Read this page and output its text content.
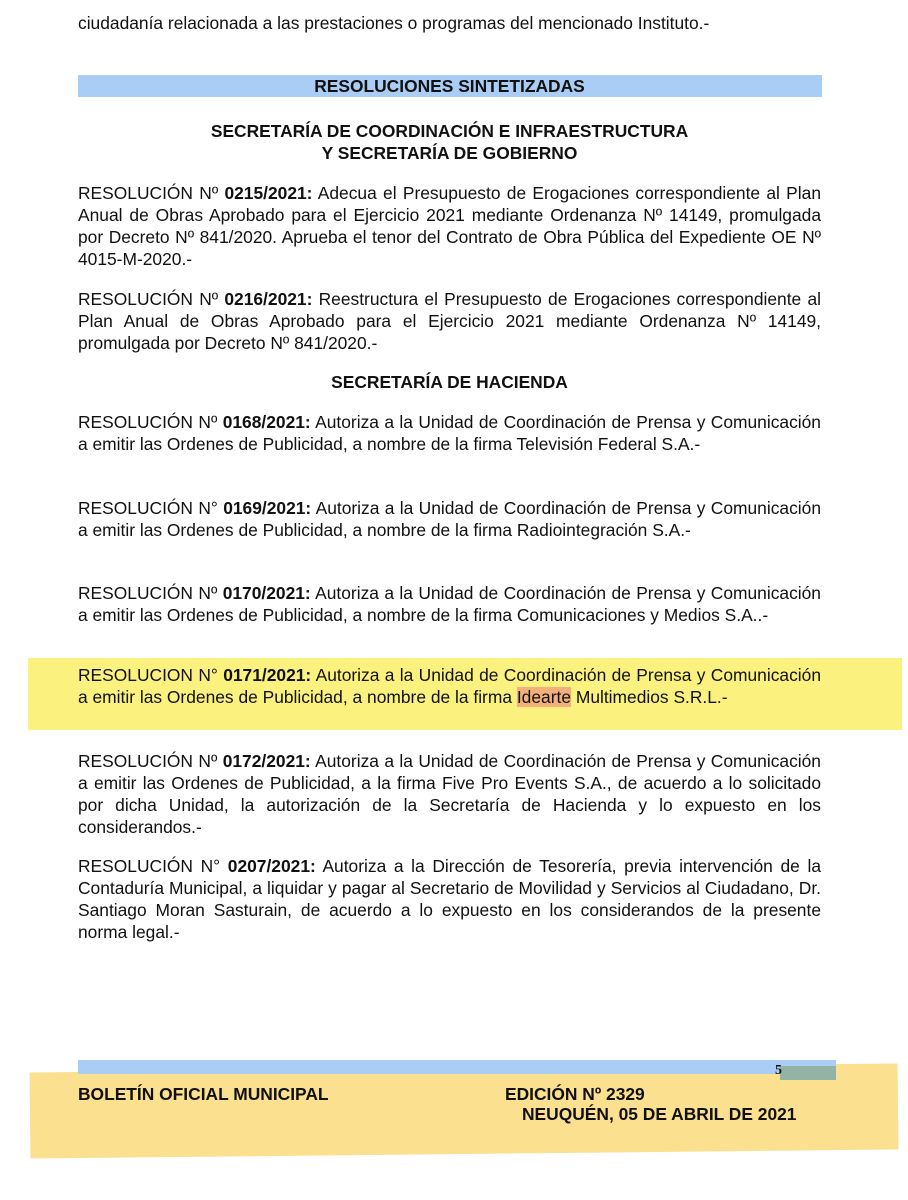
ciudadanía relacionada a las prestaciones o programas del mencionado Instituto.-
RESOLUCIONES SINTETIZADAS
SECRETARÍA DE COORDINACIÓN E INFRAESTRUCTURA
Y SECRETARÍA DE GOBIERNO
RESOLUCIÓN Nº 0215/2021: Adecua el Presupuesto de Erogaciones correspondiente al Plan Anual de Obras Aprobado para el Ejercicio 2021 mediante Ordenanza Nº 14149, promulgada por Decreto Nº 841/2020. Aprueba el tenor del Contrato de Obra Pública del Expediente OE Nº 4015-M-2020.-
RESOLUCIÓN Nº 0216/2021: Reestructura el Presupuesto de Erogaciones correspondiente al Plan Anual de Obras Aprobado para el Ejercicio 2021 mediante Ordenanza Nº 14149, promulgada por Decreto Nº 841/2020.-
SECRETARÍA DE HACIENDA
RESOLUCIÓN Nº 0168/2021: Autoriza a la Unidad de Coordinación de Prensa y Comunicación a emitir las Ordenes de Publicidad, a nombre de la firma Televisión Federal S.A.-
RESOLUCIÓN N° 0169/2021: Autoriza a la Unidad de Coordinación de Prensa y Comunicación a emitir las Ordenes de Publicidad, a nombre de la firma Radiointegración S.A.-
RESOLUCIÓN Nº 0170/2021: Autoriza a la Unidad de Coordinación de Prensa y Comunicación a emitir las Ordenes de Publicidad, a nombre de la firma Comunicaciones y Medios S.A..-
RESOLUCION N° 0171/2021: Autoriza a la Unidad de Coordinación de Prensa y Comunicación a emitir las Ordenes de Publicidad, a nombre de la firma Idearte Multimedios S.R.L.-
RESOLUCIÓN Nº 0172/2021: Autoriza a la Unidad de Coordinación de Prensa y Comunicación a emitir las Ordenes de Publicidad, a la firma Five Pro Events S.A., de acuerdo a lo solicitado por dicha Unidad, la autorización de la Secretaría de Hacienda y lo expuesto en los considerandos.-
RESOLUCIÓN N° 0207/2021: Autoriza a la Dirección de Tesorería, previa intervención de la Contaduría Municipal, a liquidar y pagar al Secretario de Movilidad y Servicios al Ciudadano, Dr. Santiago Moran Sasturain, de acuerdo a lo expuesto en los considerandos de la presente norma legal.-
5
BOLETÍN OFICIAL MUNICIPAL	EDICIÓN Nº 2329
NEUQUÉN, 05 DE ABRIL DE 2021
